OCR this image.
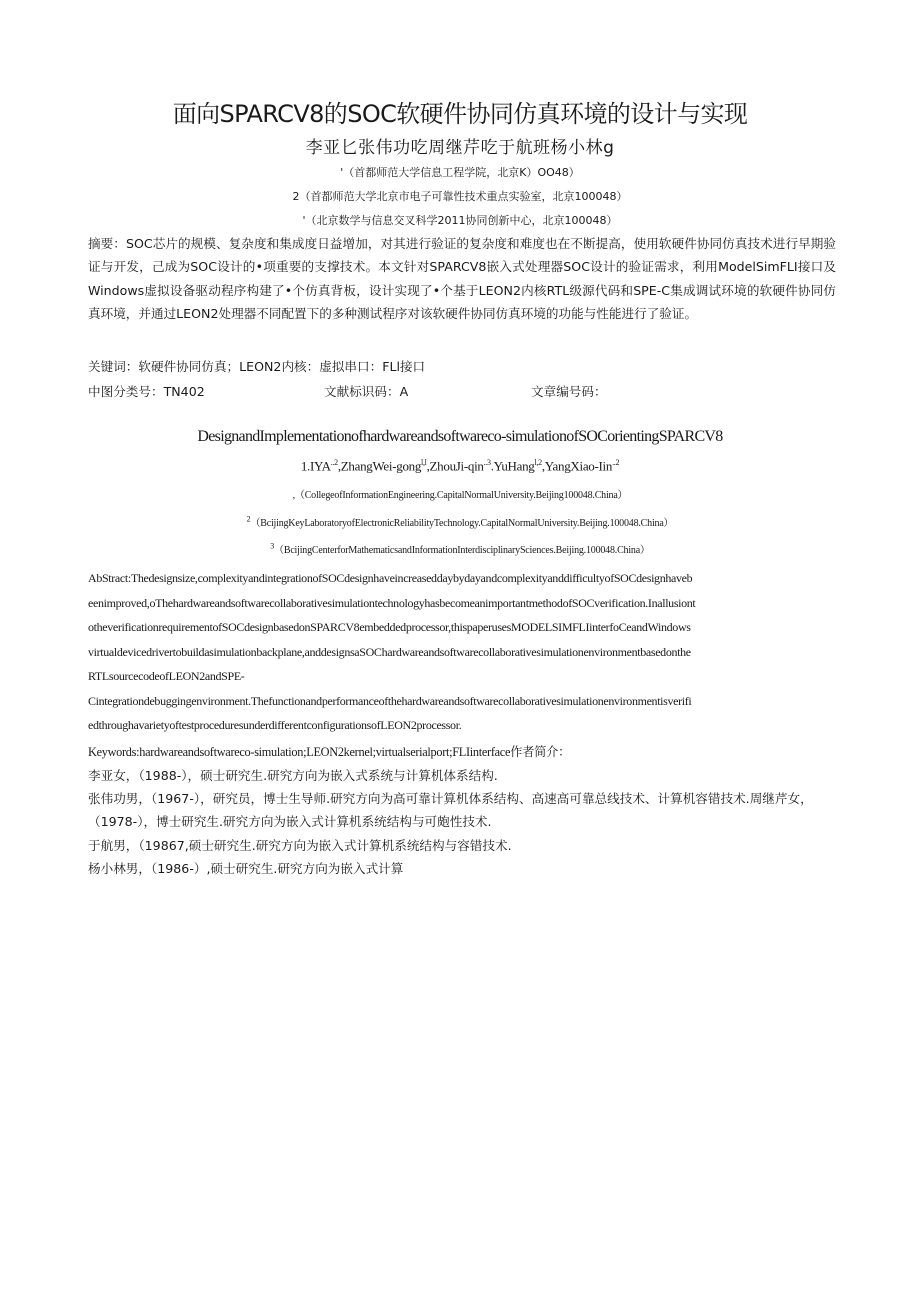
面向SPARCV8的SOC软硬件协同仿真环境的设计与实现
李亚匕张伟功吃周继芹吃于航班杨小林g
'（首都师范大学信息工程学院，北京K）OO48）
2（首都师范大学北京市电子可靠性技术重点实验室，北京100048）
'（北京数学与信息交叉科学2011协同创新中心，北京100048）
摘要：SOC芯片的规模、复杂度和集成度日益增加，对其进行验证的复杂度和难度也在不断提高，使用软硬件协同仿真技术进行早期验证与开发，己成为SOC设计的•项重要的支撑技术。本文针对SPARCV8嵌入式处理器SOC设计的验证需求，利用ModelSimFLI接口及Windows虚拟设备驱动程序构建了•个仿真背板，设计实现了•个基于LEON2内核RTL级源代码和SPE-C集成调试环境的软硬件协同仿真环境，并通过LEON2处理器不同配置下的多种测试程序对该软硬件协同仿真环境的功能与性能进行了验证。
关键词：软硬件协同仿真；LEON2内核：虚拟串口：FLl接口
中图分类号：TN402	文献标识码：A	文章编号码：
DesignandImplementationofhardwareandsoftwareco-simulationofSOCorientingSPARCV8
$1.IYA^{..2},ZhangWei-gong^{l,l},ZhouJi-qin^{..3}.YuHang^{l,2},YangXiao-Iin^{..2}$
,（CollegeofInformationEngineering.CapitalNormalUniversity.Beijing100048.China）
$^2$（BcijingKeyLaboratoryofElectronicReliabilityTechnology.CapitalNormalUniversity.Beijing.100048.China）
$^3$（BcijingCenterforMathematicsandInformationInterdisciplinarySciences.Beijing.100048.China）
AbStract:Thedesignsize,complexityandintegrationofSOCdesignhaveincreaseddaybydayandcomplexityanddifficultyofSOCdesignhaveb
eenimproved,oThehardwareandsoftwarecollaborativesimulationtechnologyhasbecomeanimportantmethodofSOCverification.Inallusiont
otheverificationrequirementofSOCdesignbasedonSPARCV8embeddedprocessor,thispaperusesMODELSIMFLIinterfoCeandWindows
virtualdevicedrivertobuildasimulationbackplane,anddesignsaSOChardwareandsoftwarecollaborativesimulationenvironmentbasedonthe
RTLsourcecodeofLEON2andSPE-
Cintegrationdebuggingenvironment.Thefunctionandperformanceofthehardwareandsoftwarecollaborativesimulationenvironmentisverifi
edthroughavarietyoftestproceduresunderdifferentconfigurationsofLEON2processor.
Keywords:hardwareandsoftwareco-simulation;LEON2kernel;virtualserialport;FLIinterface作者简介：
李亚女，（1988-），硕士研究生.研究方向为嵌入式系统与计算机体系结构.
张伟功男，（1967-），研究员，博士生导师.研究方向为高可靠计算机体系结构、高速高可靠总线技术、计算机容错技术.周继芹女，（1978-），博士研究生.研究方向为嵌入式计算机系统结构与可皰性技术.
于航男，（19867,硕士研究生.研究方向为嵌入式计算机系统结构与容错技术.
杨小林男，（1986-）,硕士研究生.研究方向为嵌入式计算
